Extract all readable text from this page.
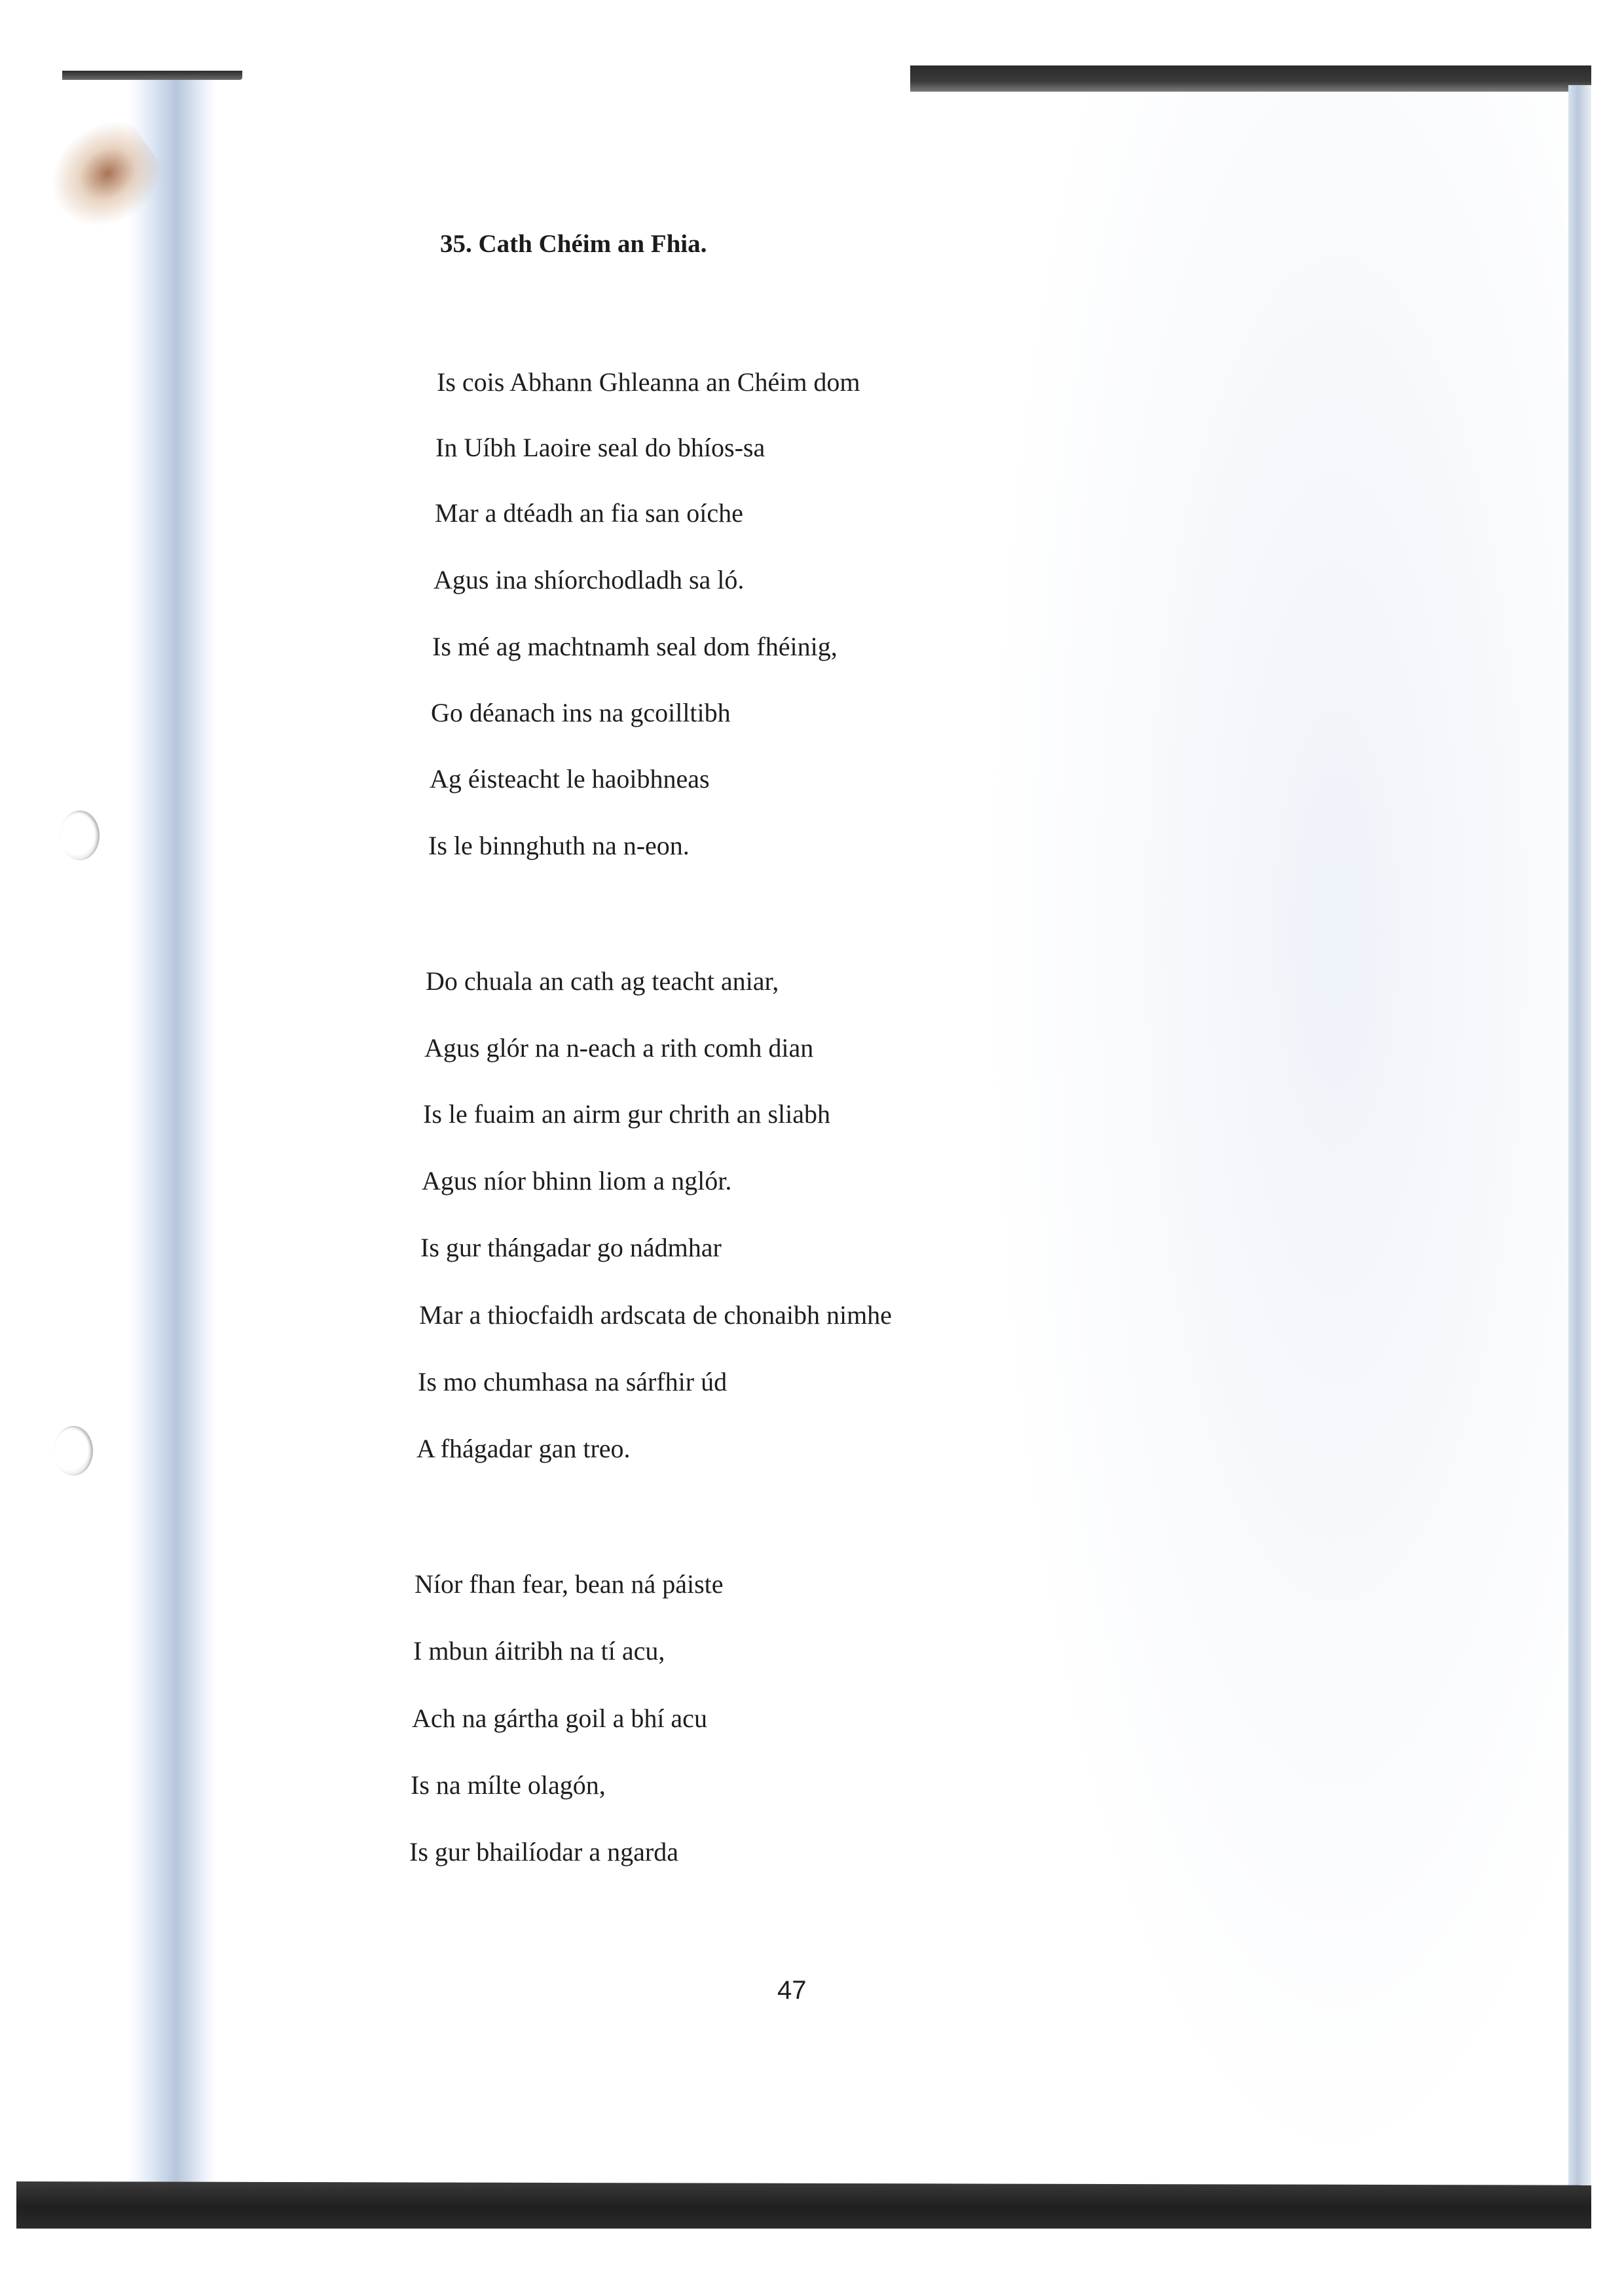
35. Cath Chéim an Fhia.
Is cois Abhann Ghleanna an Chéim dom
In Uíbh Laoire seal do bhíos-sa
Mar a dtéadh an fia san oíche
Agus ina shíorchodladh sa ló.
Is mé ag machtnamh seal dom fhéinig,
Go déanach ins na gcoilltibh
Ag éisteacht le haoibhneas
Is le binnghuth na n-eon.
Do chuala an cath ag teacht aniar,
Agus glór na n-each a rith comh dian
Is le fuaim an airm gur chrith an sliabh
Agus níor bhinn liom a nglór.
Is gur thángadar go nádmhar
Mar a thiocfaidh ardscata de chonaibh nimhe
Is mo chumhasa na sárfhir úd
A fhágadar gan treo.
Níor fhan fear, bean ná páiste
I mbun áitribh na tí acu,
Ach na gártha goil a bhí acu
Is na mílte olagón,
Is gur bhailíodar a ngarda
47
